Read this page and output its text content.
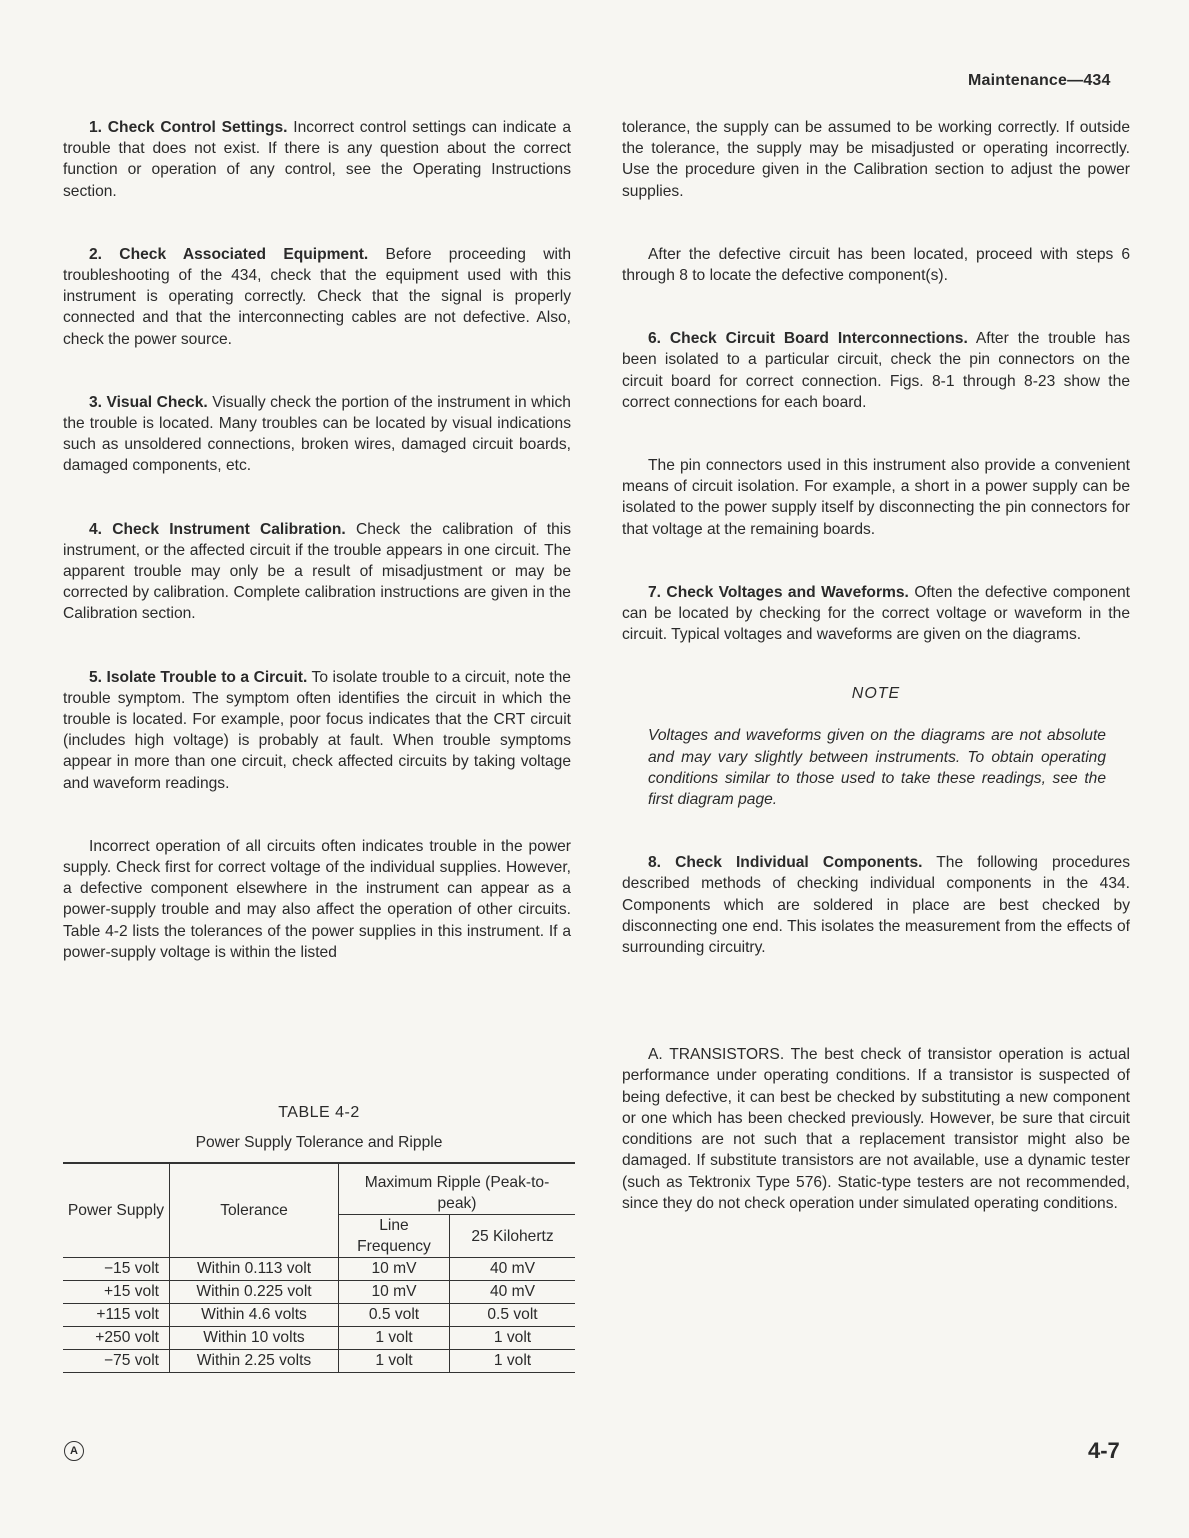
Maintenance—434

1. Check Control Settings. Incorrect control settings can indicate a trouble that does not exist. If there is any question about the correct function or operation of any control, see the Operating Instructions section.

2. Check Associated Equipment. Before proceeding with troubleshooting of the 434, check that the equipment used with this instrument is operating correctly. Check that the signal is properly connected and that the interconnecting cables are not defective. Also, check the power source.

3. Visual Check. Visually check the portion of the instrument in which the trouble is located. Many troubles can be located by visual indications such as unsoldered connections, broken wires, damaged circuit boards, damaged components, etc.

4. Check Instrument Calibration. Check the calibration of this instrument, or the affected circuit if the trouble appears in one circuit. The apparent trouble may only be a result of misadjustment or may be corrected by calibration. Complete calibration instructions are given in the Calibration section.

5. Isolate Trouble to a Circuit. To isolate trouble to a circuit, note the trouble symptom. The symptom often identifies the circuit in which the trouble is located. For example, poor focus indicates that the CRT circuit (includes high voltage) is probably at fault. When trouble symptoms appear in more than one circuit, check affected circuits by taking voltage and waveform readings.

Incorrect operation of all circuits often indicates trouble in the power supply. Check first for correct voltage of the individual supplies. However, a defective component elsewhere in the instrument can appear as a power-supply trouble and may also affect the operation of other circuits. Table 4-2 lists the tolerances of the power supplies in this instrument. If a power-supply voltage is within the listed

TABLE 4-2

Power Supply Tolerance and Ripple

Power Supply	Tolerance	Maximum Ripple (Peak-to-peak)	
		Line Frequency	25 Kilohertz
−15 volt	Within 0.113 volt	10 mV	40 mV
+15 volt	Within 0.225 volt	10 mV	40 mV
+115 volt	Within 4.6 volts	0.5 volt	0.5 volt
+250 volt	Within 10 volts	1 volt	1 volt
−75 volt	Within 2.25 volts	1 volt	1 volt

tolerance, the supply can be assumed to be working correctly. If outside the tolerance, the supply may be misadjusted or operating incorrectly. Use the procedure given in the Calibration section to adjust the power supplies.

After the defective circuit has been located, proceed with steps 6 through 8 to locate the defective component(s).

6. Check Circuit Board Interconnections. After the trouble has been isolated to a particular circuit, check the pin connectors on the circuit board for correct connection. Figs. 8-1 through 8-23 show the correct connections for each board.

The pin connectors used in this instrument also provide a convenient means of circuit isolation. For example, a short in a power supply can be isolated to the power supply itself by disconnecting the pin connectors for that voltage at the remaining boards.

7. Check Voltages and Waveforms. Often the defective component can be located by checking for the correct voltage or waveform in the circuit. Typical voltages and waveforms are given on the diagrams.

NOTE

Voltages and waveforms given on the diagrams are not absolute and may vary slightly between instruments. To obtain operating conditions similar to those used to take these readings, see the first diagram page.

8. Check Individual Components. The following procedures described methods of checking individual components in the 434. Components which are soldered in place are best checked by disconnecting one end. This isolates the measurement from the effects of surrounding circuitry.

A. TRANSISTORS. The best check of transistor operation is actual performance under operating conditions. If a transistor is suspected of being defective, it can best be checked by substituting a new component or one which has been checked previously. However, be sure that circuit conditions are not such that a replacement transistor might also be damaged. If substitute transistors are not available, use a dynamic tester (such as Tektronix Type 576). Static-type testers are not recommended, since they do not check operation under simulated operating conditions.

A	4-7
